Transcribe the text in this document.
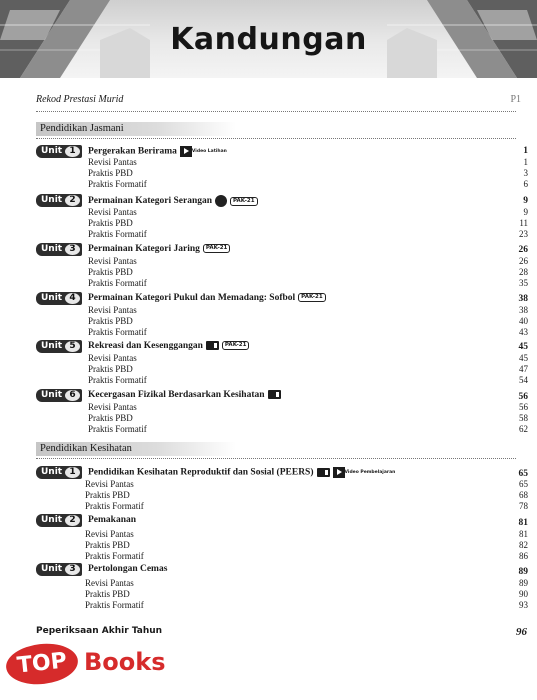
Kandungan
Rekod Prestasi Murid	P1
Pendidikan Jasmani
Unit 1	Pergerakan Berirama	Video Latihan	1
Revisi Pantas	1
Praktis PBD	3
Praktis Formatif	6
Unit 2	Permainan Kategori Serangan	PAK-21	9
Revisi Pantas	9
Praktis PBD	11
Praktis Formatif	23
Unit 3	Permainan Kategori Jaring PAK-21	26
Revisi Pantas	26
Praktis PBD	28
Praktis Formatif	35
Unit 4	Permainan Kategori Pukul dan Memadang: Sofbol PAK-21	38
Revisi Pantas	38
Praktis PBD	40
Praktis Formatif	43
Unit 5	Rekreasi dan Kesenggangan	PAK-21	45
Revisi Pantas	45
Praktis PBD	47
Praktis Formatif	54
Unit 6	Kecergasan Fizikal Berdasarkan Kesihatan	56
Revisi Pantas	56
Praktis PBD	58
Praktis Formatif	62
Pendidikan Kesihatan
Unit 1	Pendidikan Kesihatan Reproduktif dan Sosial (PEERS)	Video Pembelajaran	65
Revisi Pantas	65
Praktis PBD	68
Praktis Formatif	78
Unit 2	Pemakanan	81
Revisi Pantas	81
Praktis PBD	82
Praktis Formatif	86
Unit 3	Pertolongan Cemas	89
Revisi Pantas	89
Praktis PBD	90
Praktis Formatif	93
Peperiksaan Akhir Tahun	96
TOP Books
